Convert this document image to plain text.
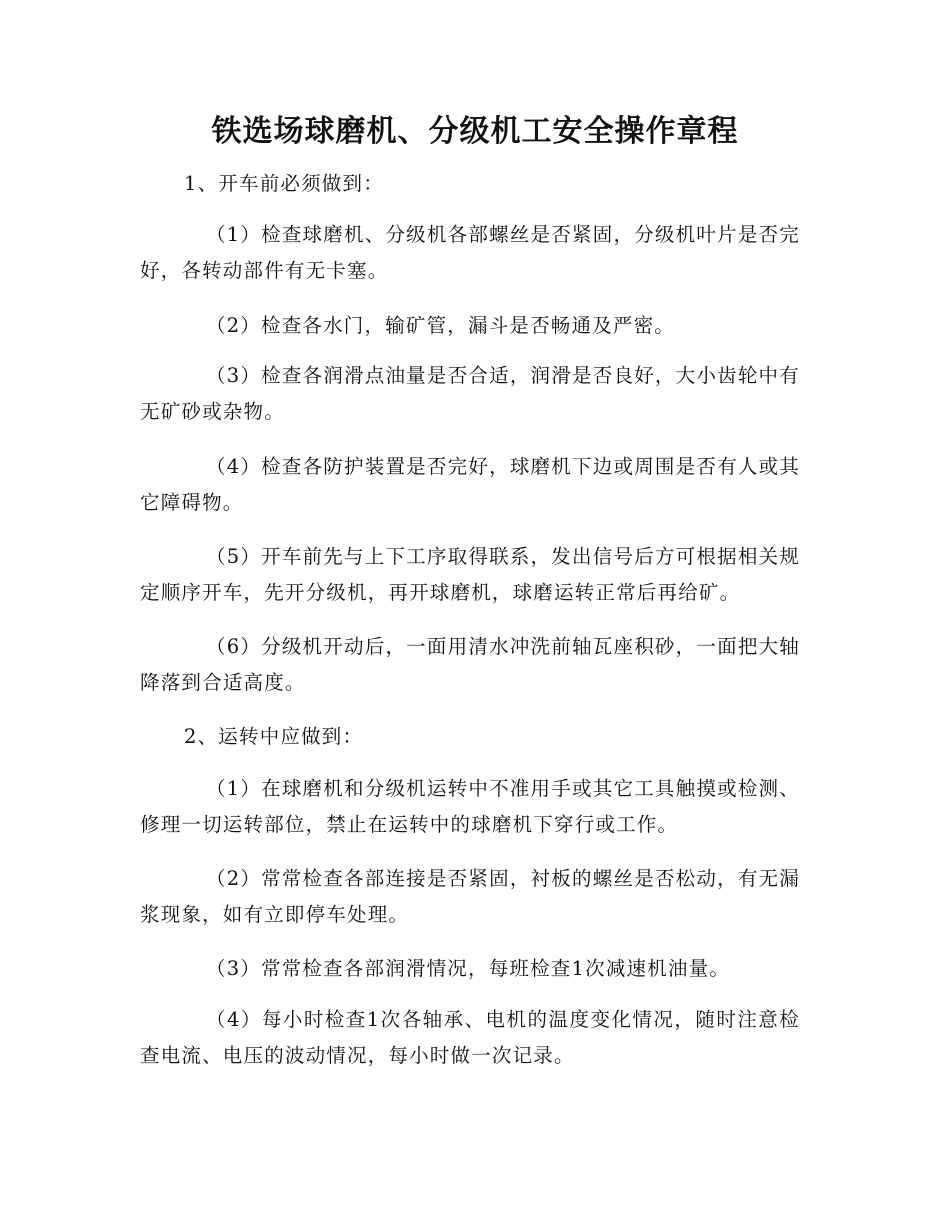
铁选场球磨机、分级机工安全操作章程
1、开车前必须做到：
（1）检查球磨机、分级机各部螺丝是否紧固，分级机叶片是否完好，各转动部件有无卡塞。
（2）检查各水门，输矿管，漏斗是否畅通及严密。
（3）检查各润滑点油量是否合适，润滑是否良好，大小齿轮中有无矿砂或杂物。
（4）检查各防护装置是否完好，球磨机下边或周围是否有人或其它障碍物。
（5）开车前先与上下工序取得联系，发出信号后方可根据相关规定顺序开车，先开分级机，再开球磨机，球磨运转正常后再给矿。
（6）分级机开动后，一面用清水冲洗前轴瓦座积砂，一面把大轴降落到合适高度。
2、运转中应做到：
（1）在球磨机和分级机运转中不准用手或其它工具触摸或检测、修理一切运转部位，禁止在运转中的球磨机下穿行或工作。
（2）常常检查各部连接是否紧固，衬板的螺丝是否松动，有无漏浆现象，如有立即停车处理。
（3）常常检查各部润滑情况，每班检查1次减速机油量。
（4）每小时检查1次各轴承、电机的温度变化情况，随时注意检查电流、电压的波动情况，每小时做一次记录。
